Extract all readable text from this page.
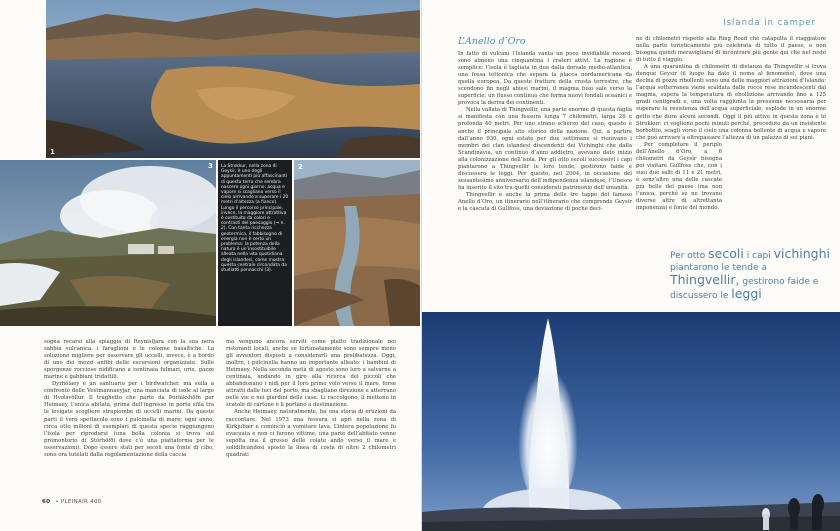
1
3	La Strokkur, nella zona di Geysir, è uno degli appuntamenti più affascinanti di questa terra che sembra nascere ogni giorno: acqua e vapore si scagliano verso il cielo arrivando a superare i 20 metri d’altezza (a fianco). Lungo il percorso principale, invece, la maggiore attrattiva è costituita da colori e contrasti del paesaggio (⇒ n. 2). Con tanta ricchezza geotermica, il fabbisogno di energia non è certo un problema: la potenza della natura è un’insostituibile alleata nella vita quotidiana degli islandesi, come mostra questa centrale circondata da studiatti pennacchi (3).
2

sogna recarsi alla spiaggia di Reynisfjara con la sua nera sabbia vulcanica, i faraglioni e le colonne basaltiche. La soluzione migliore per osservare gli uccelli, invece, è a bordo di uno dei mezzi anfibi delle escursioni organizzate. Sulle sporgenze rocciose nidificano a centinaia fulmari, urie, gazze marine e gabbiani tridattili.

Dyrhólaey è un santuario per i birdwatcher, ma sulla a confronto delle Vestmannaeyjar, una manciata di isole al largo di Hvolsvöllur. Il traghetto che parte da Þorlákshöfn per Heimaey, l’unica abitata, prima dell’ingresso in porto sfila tra le levigate scogliere strapiombe di uccelli marini. Da queste parti il vero spettacolo sono i pulcinella di mare: ogni anno, circa otto milioni di esemplari di questa specie raggiungono l’isola per riprodursi (una bella colonia si trova sul promontorio di Stórhöfði dove c’è una piattaforma per le osservazioni). Dopo essere stati per secoli una fonte di cibo, sono ora tutelati dalla regolamentazione della caccia

ma vengono ancora serviti come piatto tradizionale nei ristoranti locali, anche se fortunatamente sono sempre meno gli avventori disposti a considerarli una prelibatezza. Oggi, inoltre, i pulcinella hanno un importante alleato: i bambini di Heimaey. Nella seconda metà di agosto sono loro a salvarne a centinaia, andando in giro alla ricerca dei piccoli che abbandonano i nidi per il loro primo volo verso il mare, forse attratti dalle luci del porto, ma sbagliano direzione e atterrano nelle vie e nei giardini delle case. Li raccolgono, li mettono in scatole di cartone e li portano a destinazione.

Anche Heimaey, naturalmente, ha una storia di eruzioni da raccontare. Nel 1973 una fessura si aprì nella zona di Kirkjubær e cominciò a vomitare lava. L’intera popolazione fu evacuata e non ci furono vittime, una parte dell’abitato venne sepolta ma il grosso delle colate andò verso il mare e solidificandosi spostò la linea di costa di oltre 2 chilometri quadrati

60 • PLEINAIR 400
Islanda in camper
L’Anello d’Oro

In fatto di vulcani l’Islanda vanta un poco invidiabile record: sono almeno una cinquantina i crateri attivi. La ragione è semplice: l’isola è tagliata in due dalla dorsale medio-atlantica, una fossa tettonica che separa la placca nordamericana da quella europea. Da queste fratture della crosta terrestre, che scendono fin negli abissi marini, il magma fuso sale verso la superficie: un flusso continuo che forma nuovi fondali oceanici e provoca la deriva dei continenti.

Nella vallata di Thingvellir, una parte enorme di questa faglia si manifesta con una fessura lunga 7 chilometri, larga 26 e profonda 40 metri. Per uno strano scherzo del caso, questo è anche il principale sito storico della nazione. Qui, a partire dall’anno 930, ogni estate per due settimane si riunivano i membri dei clan islandesi discendenti dei Vichinghi che dalla Scandinavia, un continuo d’anni addietro, avevano dato inizio alla colonizzazione dell’isola. Per gli otto secoli successivi i capi piantarono a Thingvellir le loro tende, gestirono faide e discussero le leggi. Per questo, nel 2004, in occasione del sessantesimo anniversario dell’indipendenza islandese, l’Unesco ha inserito il sito tra quelli considerati patrimonio dell’umanità.

Thingvellir è anche la prima delle tre tappe del famoso Anello d’Oro, un itinerario nell’itinerario che comprende Geysir e la cascata di Gullfoss, una deviazione di poche deci-

ne di chilometri rispetto alla Ring Road che catapulta il viaggiatore nella parte turisticamente più celebrata di tutto il paese, e non bisogna quindi meravigliarsi di incontrare più gente qui che nel resto di tutto il viaggio.

A una quarantina di chilometri di distanza da Thingvellir si trova dunque Geysir (il luogo ha dato il nome al fenomeno), dove una decina di pozze ribollenti sono una delle maggiori attrazioni d’Islanda: l’acqua sotterranea viene scaldata dalle rocce rese incandescenti dal magma, supera la temperatura di ebollizione arrivando fino a 125 gradi centigradi e, una volta raggiunta la pressione necessaria per superare la resistenza dell’acqua superficiale, esplode in un enorme getto che dura alcuni secondi. Oggi il più attivo in questa zona è lo Strokkur: ci vogliono pochi minuti perché, preceduto da un insistente borbottio, scagli verso il cielo una colonna bollente di acqua e vapore che può arrivare a oltrepassare l’altezza di un palazzo di sei piani.

Per completare il periplo dell’Anello d’Oro, a 6 chilometri da Geysir bisogna poi visitare Gullfoss che, con i suoi due salti di 11 e 21 metri, è senz’altro una delle cascate più belle del paese (ma non l’unica, perché se ne trovano diverse altre di altrettanta imponenza) e fonte del mondo.

Per otto secoli i capi vichinghi piantarono le tende a Thingvellir, gestirono faide e discussero le leggi
